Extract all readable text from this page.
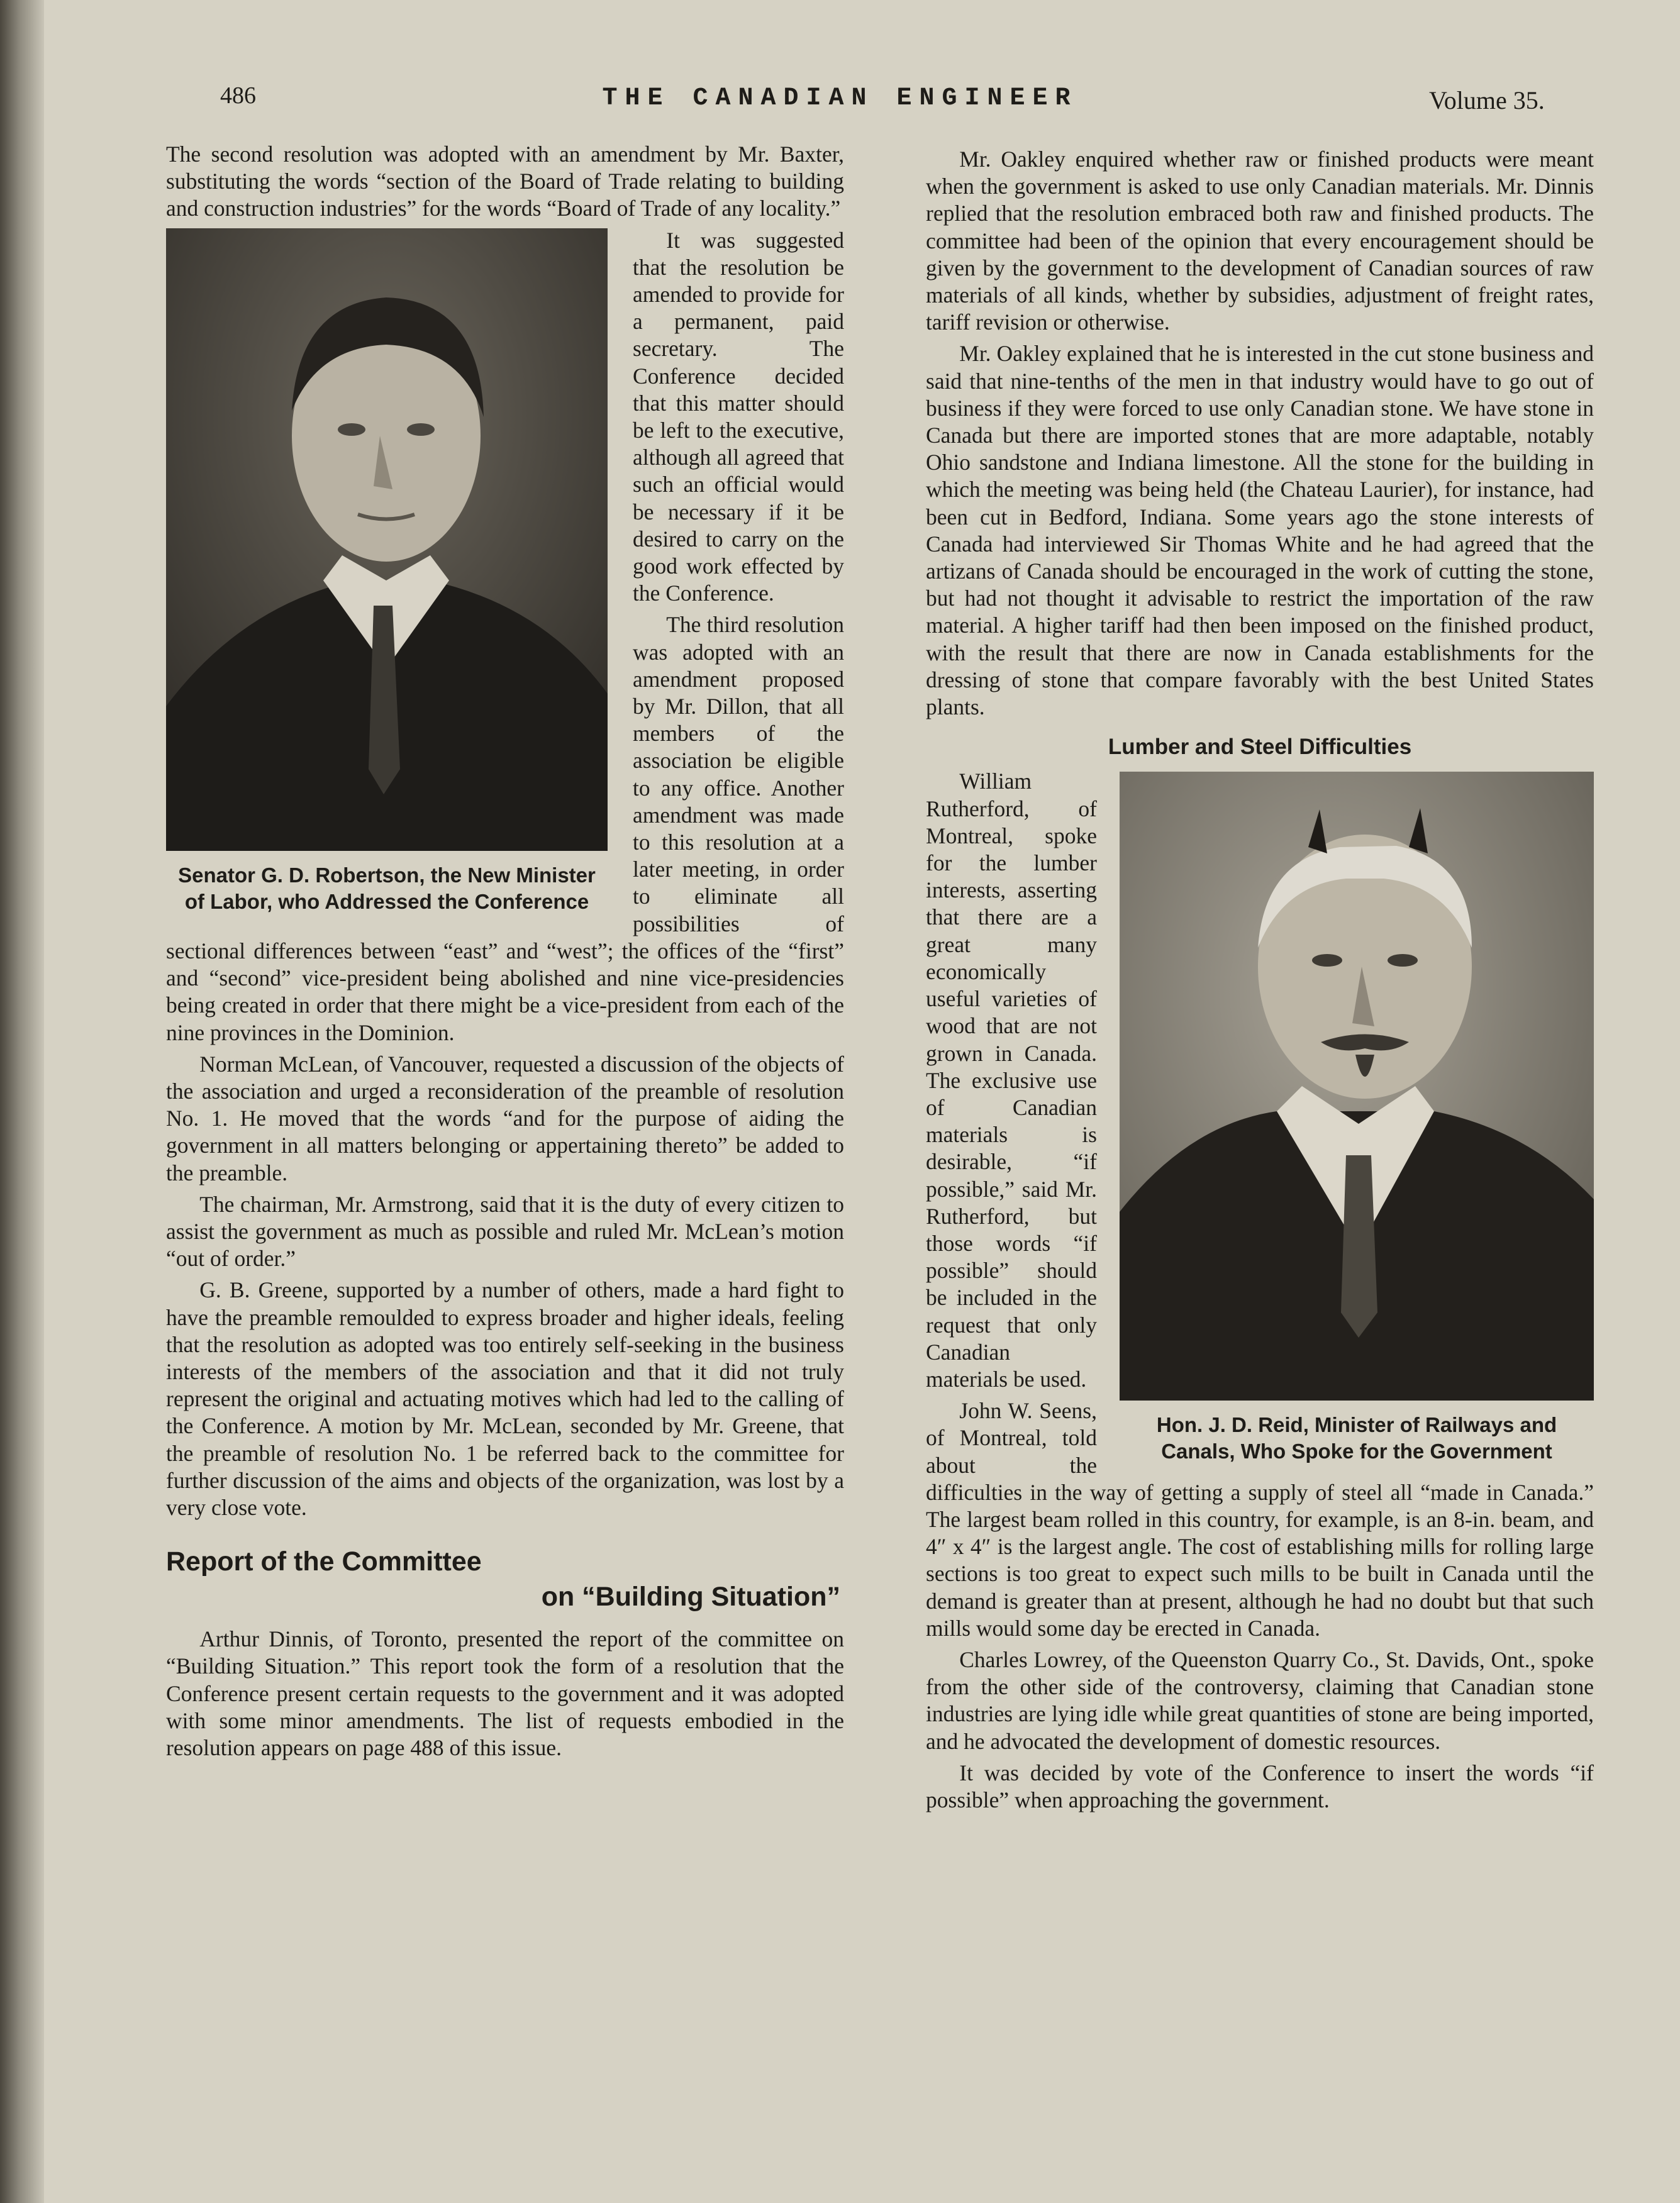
486	THE CANADIAN ENGINEER	Volume 35.

The second resolution was adopted with an amendment by Mr. Baxter, substituting the words “section of the Board of Trade relating to building and construction industries” for the words “Board of Trade of any locality.”

Senator G. D. Robertson, the New Minister of Labor, who Addressed the Conference

It was suggested that the resolution be amended to provide for a permanent, paid secretary. The Conference decided that this matter should be left to the executive, although all agreed that such an official would be necessary if it be desired to carry on the good work effected by the Conference.

The third resolution was adopted with an amendment proposed by Mr. Dillon, that all members of the association be eligible to any office. Another amendment was made to this resolution at a later meeting, in order to eliminate all possibilities of sectional differences between “east” and “west”; the offices of the “first” and “second” vice-president being abolished and nine vice-presidencies being created in order that there might be a vice-president from each of the nine provinces in the Dominion.

Norman McLean, of Vancouver, requested a discussion of the objects of the association and urged a reconsideration of the preamble of resolution No. 1. He moved that the words “and for the purpose of aiding the government in all matters belonging or appertaining thereto” be added to the preamble.

The chairman, Mr. Armstrong, said that it is the duty of every citizen to assist the government as much as possible and ruled Mr. McLean’s motion “out of order.”

G. B. Greene, supported by a number of others, made a hard fight to have the preamble remoulded to express broader and higher ideals, feeling that the resolution as adopted was too entirely self-seeking in the business interests of the members of the association and that it did not truly represent the original and actuating motives which had led to the calling of the Conference. A motion by Mr. McLean, seconded by Mr. Greene, that the preamble of resolution No. 1 be referred back to the committee for further discussion of the aims and objects of the organization, was lost by a very close vote.

Report of the Committee
on “Building Situation”

Arthur Dinnis, of Toronto, presented the report of the committee on “Building Situation.” This report took the form of a resolution that the Conference present certain requests to the government and it was adopted with some minor amendments. The list of requests embodied in the resolution appears on page 488 of this issue.

Mr. Oakley enquired whether raw or finished products were meant when the government is asked to use only Canadian materials. Mr. Dinnis replied that the resolution embraced both raw and finished products. The committee had been of the opinion that every encouragement should be given by the government to the development of Canadian sources of raw materials of all kinds, whether by subsidies, adjustment of freight rates, tariff revision or otherwise.

Mr. Oakley explained that he is interested in the cut stone business and said that nine-tenths of the men in that industry would have to go out of business if they were forced to use only Canadian stone. We have stone in Canada but there are imported stones that are more adaptable, notably Ohio sandstone and Indiana limestone. All the stone for the building in which the meeting was being held (the Chateau Laurier), for instance, had been cut in Bedford, Indiana. Some years ago the stone interests of Canada had interviewed Sir Thomas White and he had agreed that the artizans of Canada should be encouraged in the work of cutting the stone, but had not thought it advisable to restrict the importation of the raw material. A higher tariff had then been imposed on the finished product, with the result that there are now in Canada establishments for the dressing of stone that compare favorably with the best United States plants.

Lumber and Steel Difficulties
Hon. J. D. Reid, Minister of Railways and Canals, Who Spoke for the Government

William Rutherford, of Montreal, spoke for the lumber interests, asserting that there are a great many economically useful varieties of wood that are not grown in Canada. The exclusive use of Canadian materials is desirable, “if possible,” said Mr. Rutherford, but those words “if possible” should be included in the request that only Canadian materials be used.

John W. Seens, of Montreal, told about the difficulties in the way of getting a supply of steel all “made in Canada.” The largest beam rolled in this country, for example, is an 8-in. beam, and 4″ x 4″ is the largest angle. The cost of establishing mills for rolling large sections is too great to expect such mills to be built in Canada until the demand is greater than at present, although he had no doubt but that such mills would some day be erected in Canada.

Charles Lowrey, of the Queenston Quarry Co., St. Davids, Ont., spoke from the other side of the controversy, claiming that Canadian stone industries are lying idle while great quantities of stone are being imported, and he advocated the development of domestic resources.

It was decided by vote of the Conference to insert the words “if possible” when approaching the government.
